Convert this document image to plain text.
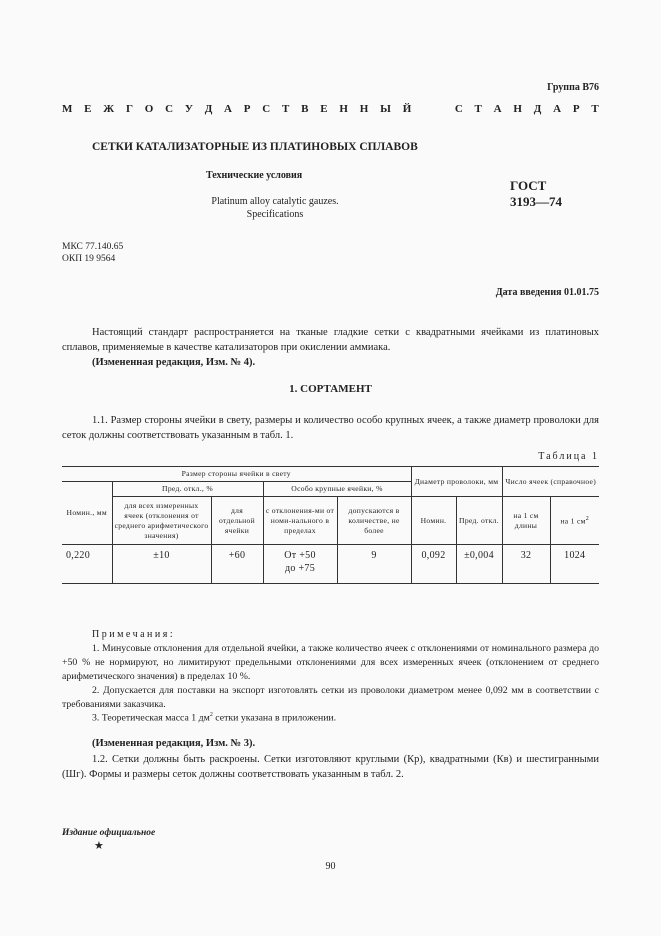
Группа В76
М Е Ж Г О С У Д А Р С Т В Е Н Н Ы Й	С Т А Н Д А Р Т
СЕТКИ КАТАЛИЗАТОРНЫЕ ИЗ ПЛАТИНОВЫХ СПЛАВОВ
Технические условия
Platinum alloy catalytic gauzes.
Specifications
ГОСТ
3193—74
МКС 77.140.65
ОКП 19 9564
Дата введения 01.01.75
Настоящий стандарт распространяется на тканые гладкие сетки с квадратными ячейками из платиновых сплавов, применяемые в качестве катализаторов при окислении аммиака.
(Измененная редакция, Изм. № 4).
1. СОРТАМЕНТ
1.1. Размер стороны ячейки в свету, размеры и количество особо крупных ячеек, а также диаметр проволоки для сеток должны соответствовать указанным в табл. 1.
Таблица 1
Размер стороны ячейки в свету	Диаметр проволоки, мм	Число ячеек (справочное)
Номин., мм	Пред. откл., %	Особо крупные ячейки, %
для всех измеренных ячеек (отклонения от среднего арифметического значения)	для отдельной ячейки	с отклонения-ми от номи-нального в пределах	допускаются в количестве, не более	Номин.	Пред. откл.	на 1 см длины	на 1 $см^2$
0,220	±10	+60	От +50
до +75
	9	0,092	±0,004	32	1024
Примечания:
1. Минусовые отклонения для отдельной ячейки, а также количество ячеек с отклонениями от номинального размера до +50 % не нормируют, но лимитируют предельными отклонениями для всех измеренных ячеек (отклонением от среднего арифметического значения) в пределах 10 %.
2. Допускается для поставки на экспорт изготовлять сетки из проволоки диаметром менее 0,092 мм в соответствии с требованиями заказчика.
3. Теоретическая масса 1 $дм^2$ сетки указана в приложении.
(Измененная редакция, Изм. № 3).
1.2. Сетки должны быть раскроены. Сетки изготовляют круглыми (Кр), квадратными (Кв) и шестигранными (Шг). Формы и размеры сеток должны соответствовать указанным в табл. 2.
Издание официальное
★
90
